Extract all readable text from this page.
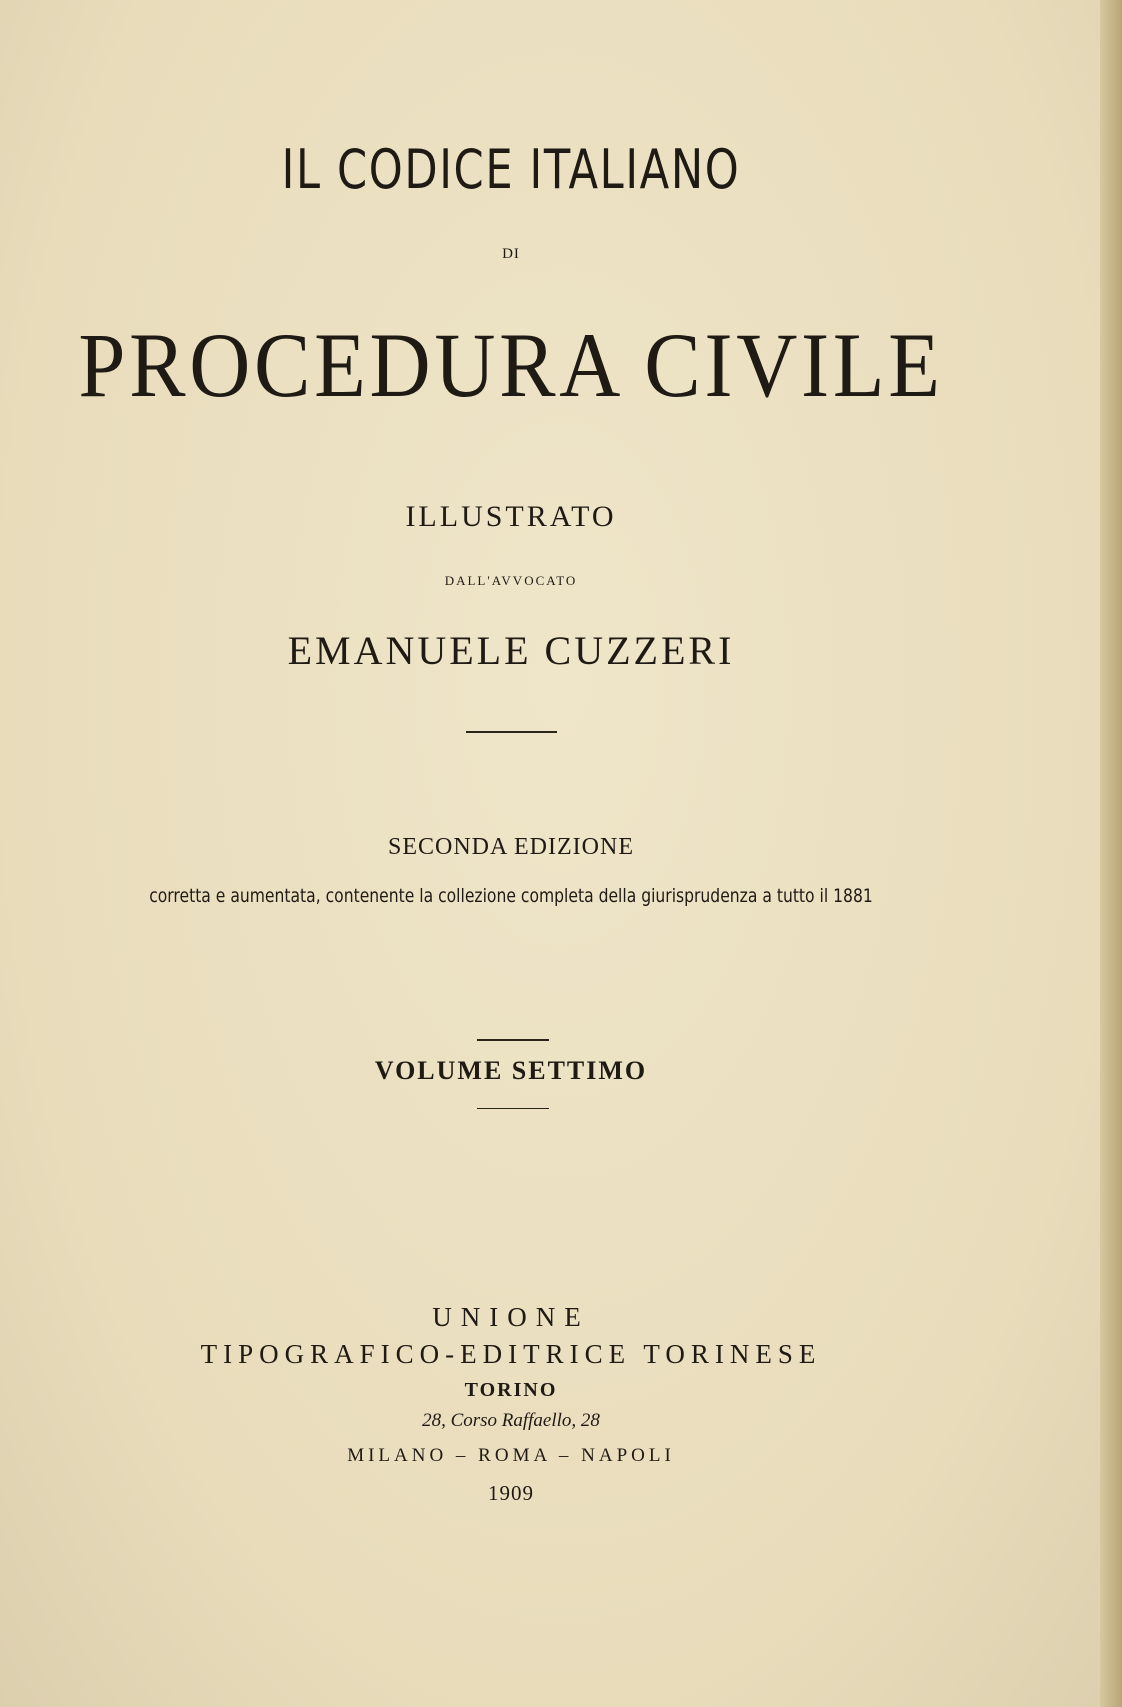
IL CODICE ITALIANO
DI
PROCEDURA CIVILE
ILLUSTRATO
DALL'AVVOCATO
EMANUELE CUZZERI
SECONDA EDIZIONE
corretta e aumentata, contenente la collezione completa della giurisprudenza a tutto il 1881
VOLUME SETTIMO
UNIONE
TIPOGRAFICO-EDITRICE TORINESE
TORINO
28, Corso Raffaello, 28
MILANO – ROMA – NAPOLI
1909
